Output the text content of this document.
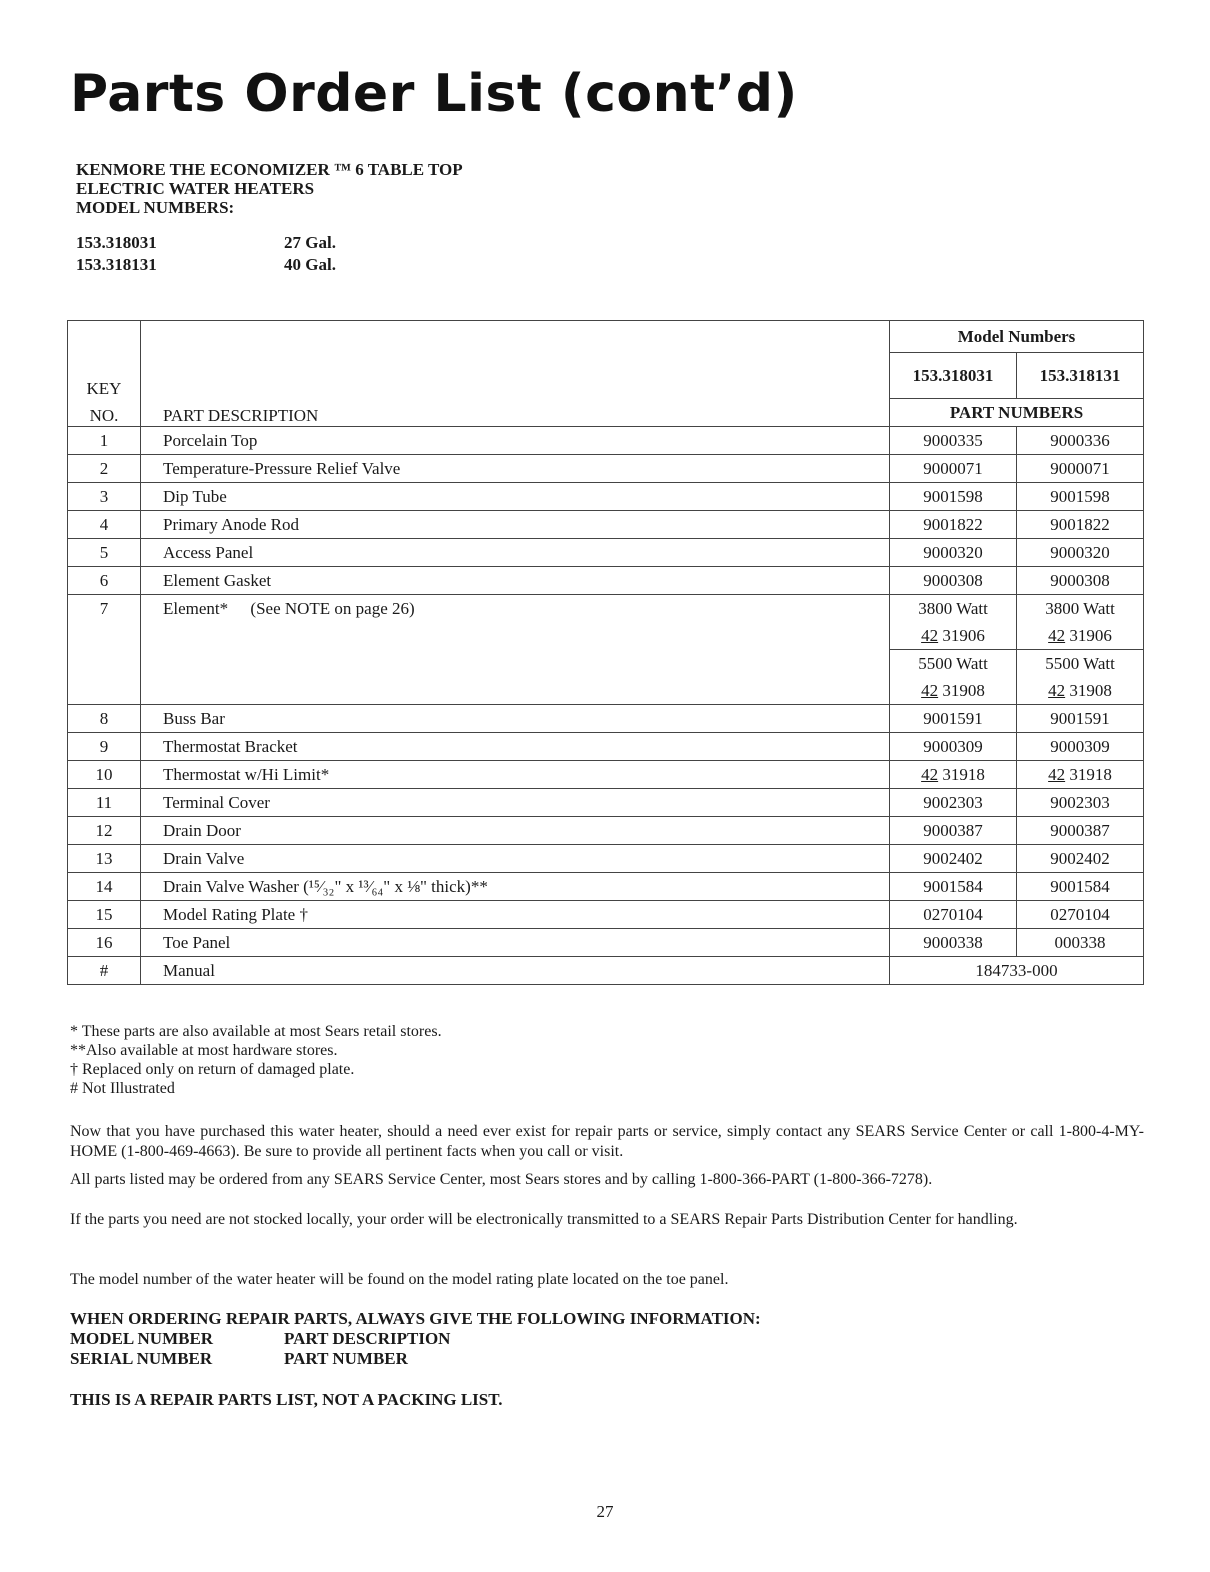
Parts Order List (cont’d)
KENMORE THE ECONOMIZER ™ 6 TABLE TOP
ELECTRIC WATER HEATERS
MODEL NUMBERS:
153.318031	27 Gal.
153.318131	40 Gal.
		Model Numbers	
KEY		153.318031	153.318131
NO.	PART DESCRIPTION	PART NUMBERS	
1	Porcelain Top	9000335	9000336
2	Temperature-Pressure Relief Valve	9000071	9000071
3	Dip Tube	9001598	9001598
4	Primary Anode Rod	9001822	9001822
5	Access Panel	9000320	9000320
6	Element Gasket	9000308	9000308
7	Element* (See NOTE on page 26)	3800 Watt	3800 Watt
		42 31906	42 31906
		5500 Watt	5500 Watt
		42 31908	42 31908
8	Buss Bar	9001591	9001591
9	Thermostat Bracket	9000309	9000309
10	Thermostat w/Hi Limit*	42 31918	42 31918
11	Terminal Cover	9002303	9002303
12	Drain Door	9000387	9000387
13	Drain Valve	9002402	9002402
14	Drain Valve Washer (¹⁵⁄₃₂" x ¹³⁄₆₄" x ⅛" thick)**	9001584	9001584
15	Model Rating Plate †	0270104	0270104
16	Toe Panel	9000338	000338
#	Manual	184733-000	
* These parts are also available at most Sears retail stores.
**Also available at most hardware stores.
† Replaced only on return of damaged plate.
# Not Illustrated
Now that you have purchased this water heater, should a need ever exist for repair parts or service, simply contact any SEARS Service Center or call 1-800-4-MY-HOME (1-800-469-4663). Be sure to provide all pertinent facts when you call or visit.
All parts listed may be ordered from any SEARS Service Center, most Sears stores and by calling 1-800-366-PART (1-800-366-7278).
If the parts you need are not stocked locally, your order will be electronically transmitted to a SEARS Repair Parts Distribution Center for handling.
The model number of the water heater will be found on the model rating plate located on the toe panel.
WHEN ORDERING REPAIR PARTS, ALWAYS GIVE THE FOLLOWING INFORMATION:
MODEL NUMBER	PART DESCRIPTION
SERIAL NUMBER	PART NUMBER
THIS IS A REPAIR PARTS LIST, NOT A PACKING LIST.
27
